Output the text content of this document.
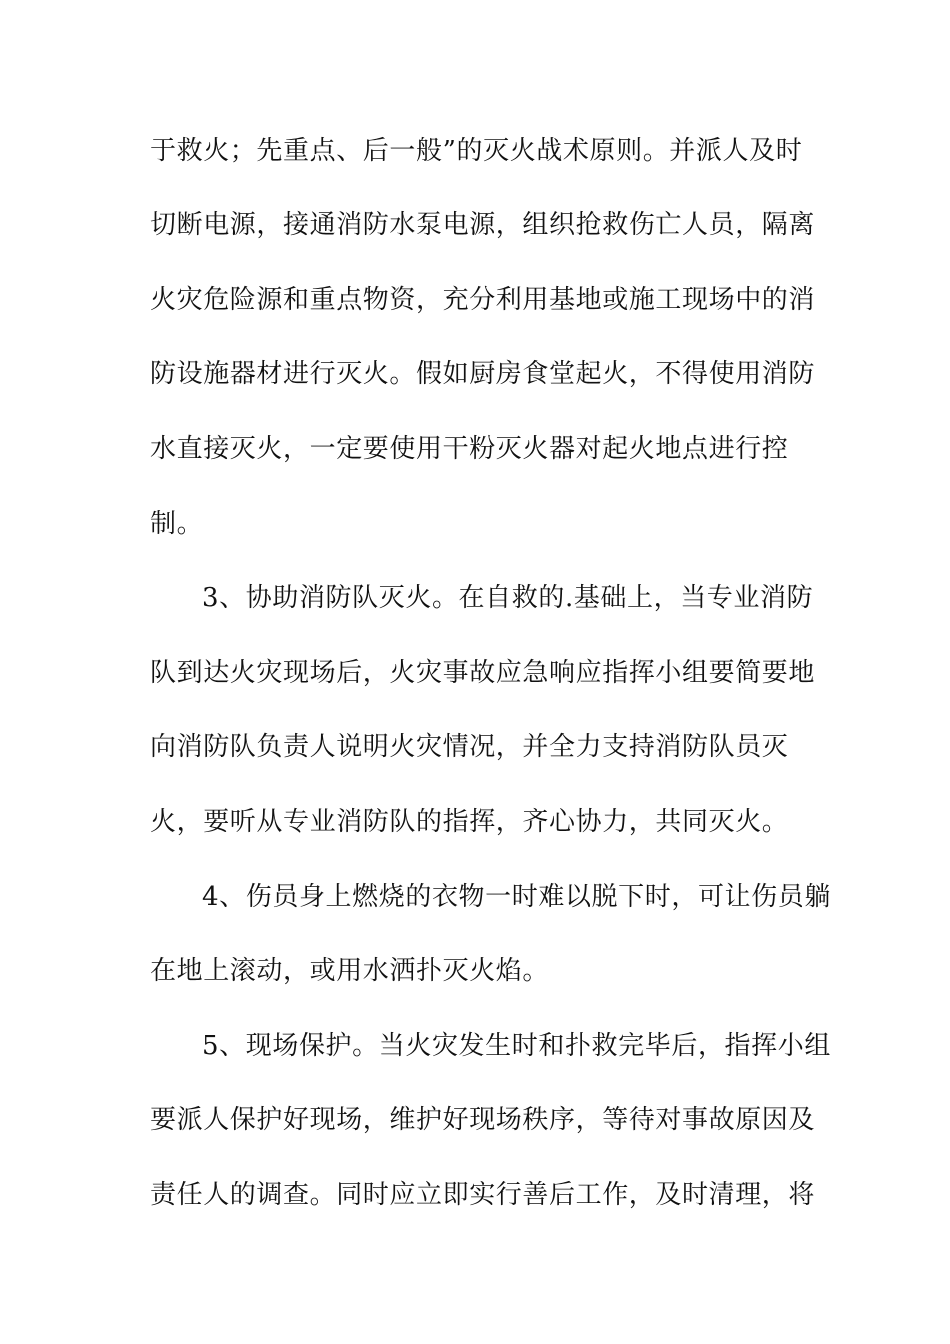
于救火；先重点、后一般”的灭火战术原则。并派人及时
切断电源，接通消防水泵电源，组织抢救伤亡人员，隔离
火灾危险源和重点物资，充分利用基地或施工现场中的消
防设施器材进行灭火。假如厨房食堂起火，不得使用消防
水直接灭火，一定要使用干粉灭火器对起火地点进行控
制。
3、协助消防队灭火。在自救的.基础上，当专业消防
队到达火灾现场后，火灾事故应急响应指挥小组要简要地
向消防队负责人说明火灾情况，并全力支持消防队员灭
火，要听从专业消防队的指挥，齐心协力，共同灭火。
4、伤员身上燃烧的衣物一时难以脱下时，可让伤员躺
在地上滚动，或用水洒扑灭火焰。
5、现场保护。当火灾发生时和扑救完毕后，指挥小组
要派人保护好现场，维护好现场秩序，等待对事故原因及
责任人的调查。同时应立即实行善后工作，及时清理，将
